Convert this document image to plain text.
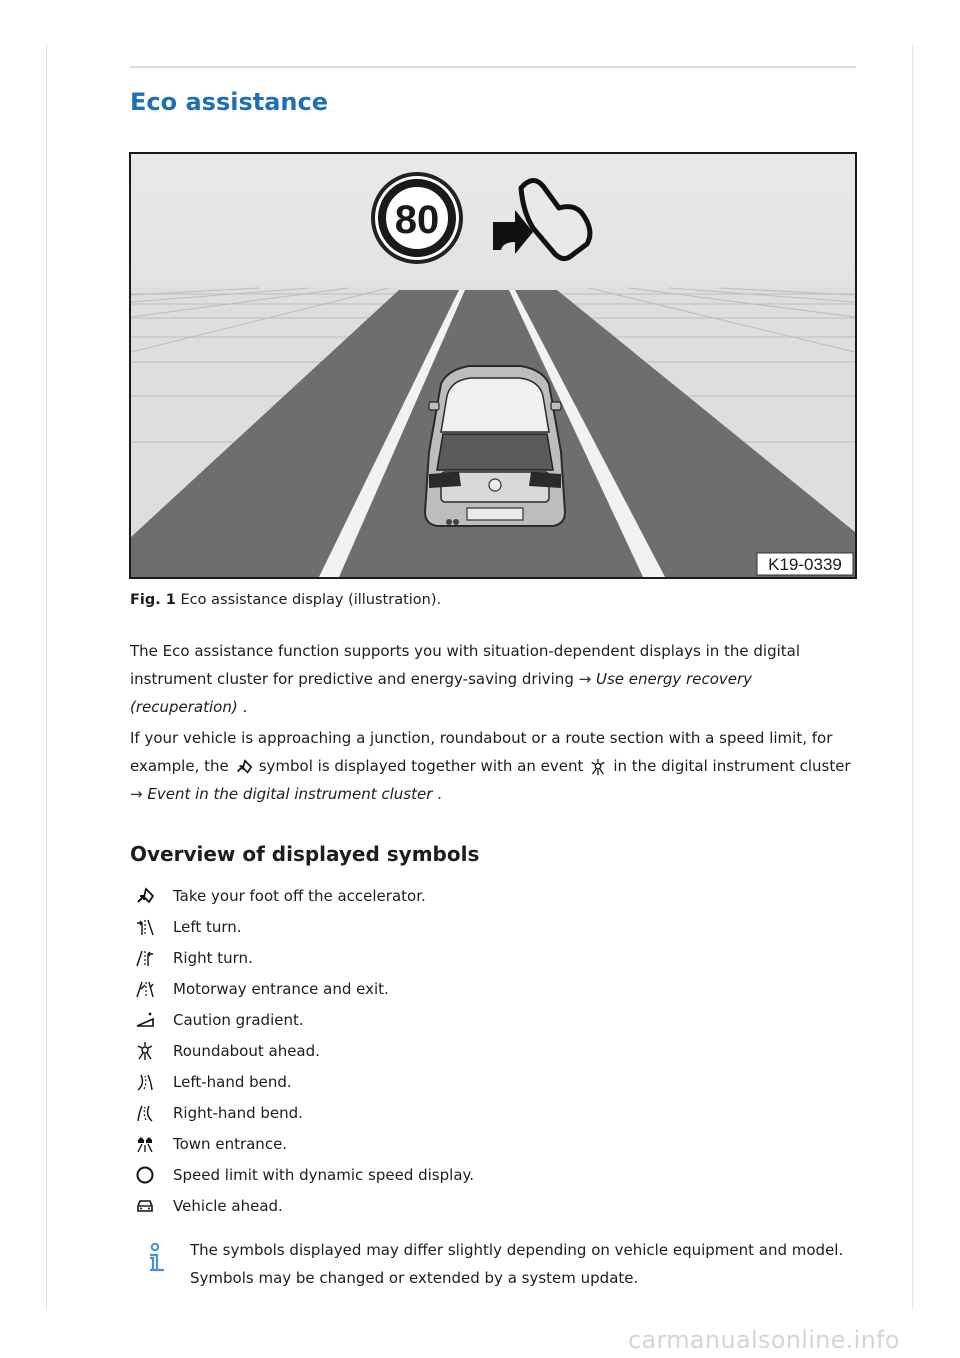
Eco assistance
80
K19-0339
Fig. 1 Eco assistance display (illustration).

The Eco assistance function supports you with situation-dependent displays in the digital instrument cluster for predictive and energy-saving driving → Use energy recovery (recuperation) .

If your vehicle is approaching a junction, roundabout or a route section with a speed limit, for example, the symbol is displayed together with an event in the digital instrument cluster
→ Event in the digital instrument cluster .

Overview of displayed symbols
Take your foot off the accelerator.
Left turn.
Right turn.
Motorway entrance and exit.
Caution gradient.
Roundabout ahead.
Left-hand bend.
Right-hand bend.
Town entrance.
Speed limit with dynamic speed display.
Vehicle ahead.

The symbols displayed may differ slightly depending on vehicle equipment and model. Symbols may be changed or extended by a system update.

carmanualsonline.info
